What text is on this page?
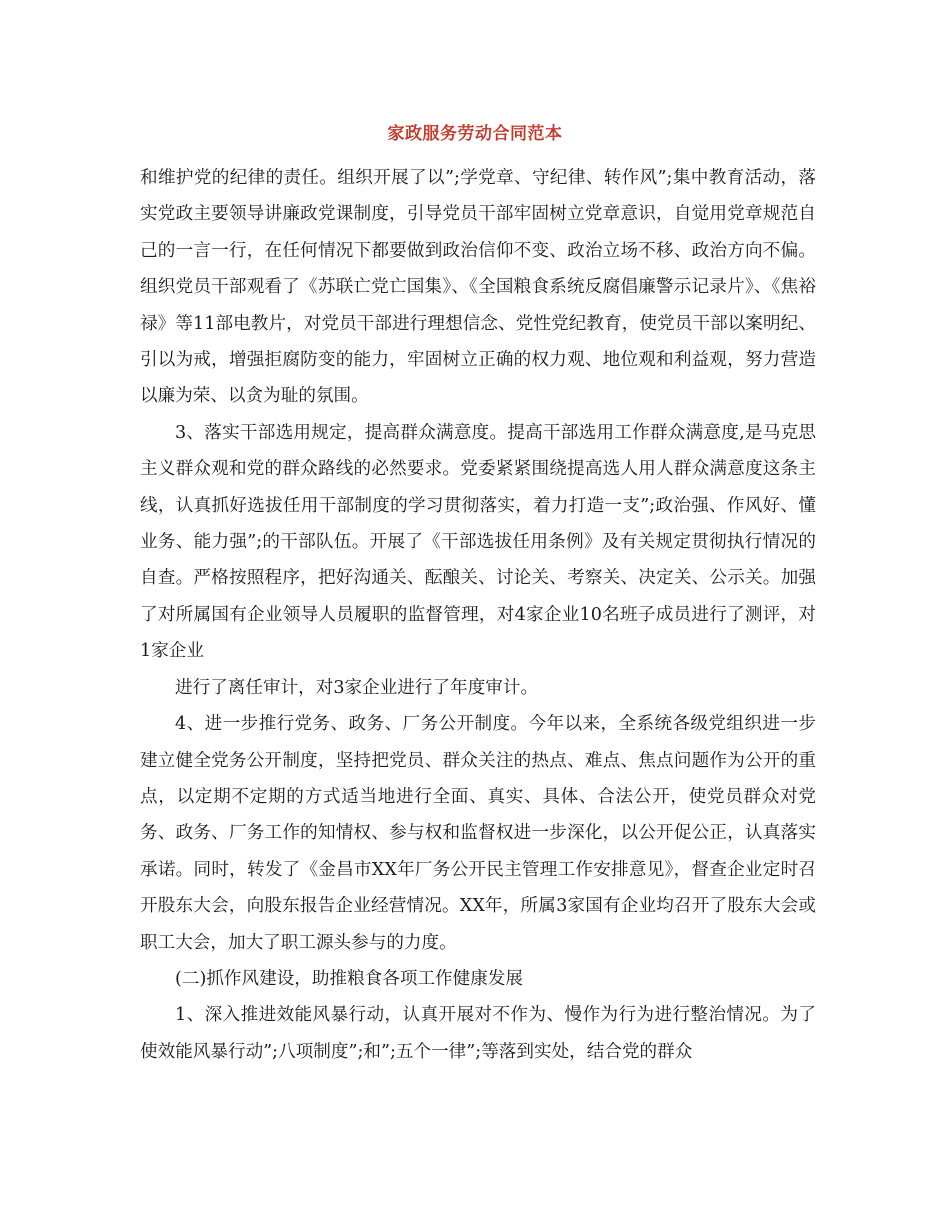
家政服务劳动合同范本

和维护党的纪律的责任。组织开展了以”;学党章、守纪律、转作风”;集中教育活动，落实党政主要领导讲廉政党课制度，引导党员干部牢固树立党章意识，自觉用党章规范自己的一言一行，在任何情况下都要做到政治信仰不变、政治立场不移、政治方向不偏。组织党员干部观看了《苏联亡党亡国集》、《全国粮食系统反腐倡廉警示记录片》、《焦裕禄》等11部电教片，对党员干部进行理想信念、党性党纪教育，使党员干部以案明纪、引以为戒，增强拒腐防变的能力，牢固树立正确的权力观、地位观和利益观，努力营造以廉为荣、以贪为耻的氛围。

3、落实干部选用规定，提高群众满意度。提高干部选用工作群众满意度,是马克思主义群众观和党的群众路线的必然要求。党委紧紧围绕提高选人用人群众满意度这条主线，认真抓好选拔任用干部制度的学习贯彻落实，着力打造一支”;政治强、作风好、懂业务、能力强”;的干部队伍。开展了《干部选拔任用条例》及有关规定贯彻执行情况的自查。严格按照程序，把好沟通关、酝酿关、讨论关、考察关、决定关、公示关。加强了对所属国有企业领导人员履职的监督管理，对4家企业10名班子成员进行了测评，对1家企业

进行了离任审计，对3家企业进行了年度审计。

4、进一步推行党务、政务、厂务公开制度。今年以来，全系统各级党组织进一步建立健全党务公开制度，坚持把党员、群众关注的热点、难点、焦点问题作为公开的重点，以定期不定期的方式适当地进行全面、真实、具体、合法公开，使党员群众对党务、政务、厂务工作的知情权、参与权和监督权进一步深化，以公开促公正，认真落实承诺。同时，转发了《金昌市XX年厂务公开民主管理工作安排意见》，督查企业定时召开股东大会，向股东报告企业经营情况。XX年，所属3家国有企业均召开了股东大会或职工大会，加大了职工源头参与的力度。

(二)抓作风建设，助推粮食各项工作健康发展

1、深入推进效能风暴行动，认真开展对不作为、慢作为行为进行整治情况。为了使效能风暴行动”;八项制度”;和”;五个一律”;等落到实处，结合党的群众
